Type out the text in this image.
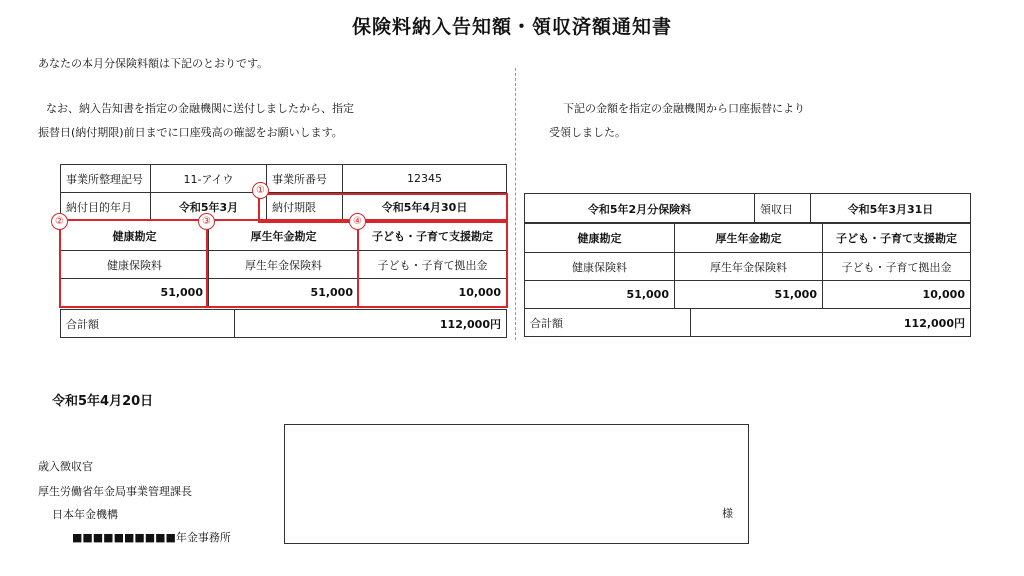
保険料納入告知額・領収済額通知書
あなたの本月分保険料額は下記のとおりです。
なお、納入告知書を指定の金融機関に送付しましたから、指定
振替日(納付期限)前日までに口座残高の確認をお願いします。
下記の金額を指定の金融機関から口座振替により
受領しました。
事業所整理記号	11-アイウ	事業所番号	12345
納付目的年月	令和5年3月	納付期限	令和5年4月30日
健康勘定	厚生年金勘定	子ども・子育て支援勘定
健康保険料	厚生年金保険料	子ども・子育て拠出金
51,000	51,000	10,000
合計額	112,000円
①
②	③	④
令和5年2月分保険料	領収日	令和5年3月31日
健康勘定	厚生年金勘定	子ども・子育て支援勘定
健康保険料	厚生年金保険料	子ども・子育て拠出金
51,000	51,000	10,000
合計額	112,000円
令和5年4月20日
歳入徴収官
厚生労働省年金局事業管理課長
日本年金機構
■■■■■■■■■■年金事務所
様
